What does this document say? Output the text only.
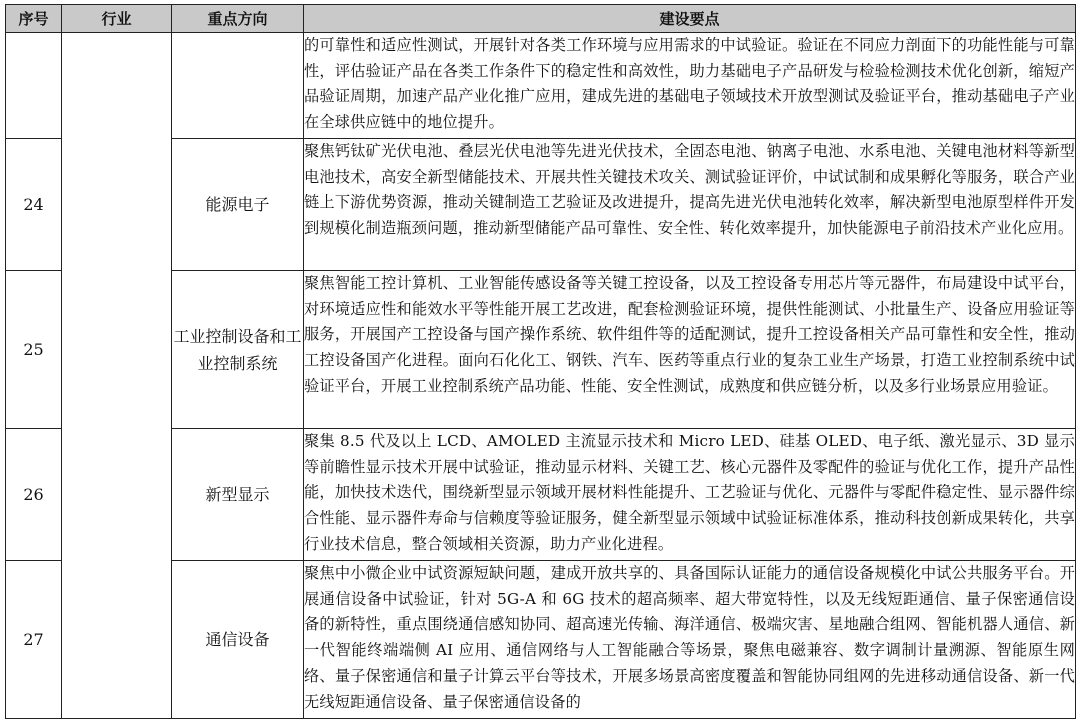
序号	行业	重点方向	建设要点
			的可靠性和适应性测试，开展针对各类工作环境与应用需求的中试验证。验证在不同应力剖面下的功能性能与可靠性，评估验证产品在各类工作条件下的稳定性和高效性，助力基础电子产品研发与检验检测技术优化创新，缩短产品验证周期，加速产品产业化推广应用，建成先进的基础电子领域技术开放型测试及验证平台，推动基础电子产业在全球供应链中的地位提升。
24		能源电子	聚焦钙钛矿光伏电池、叠层光伏电池等先进光伏技术，全固态电池、钠离子电池、水系电池、关键电池材料等新型电池技术，高安全新型储能技术、开展共性关键技术攻关、测试验证评价，中试试制和成果孵化等服务，联合产业链上下游优势资源，推动关键制造工艺验证及改进提升，提高先进光伏电池转化效率，解决新型电池原型样件开发到规模化制造瓶颈问题，推动新型储能产品可靠性、安全性、转化效率提升，加快能源电子前沿技术产业化应用。
25		工业控制设备和工业控制系统	聚焦智能工控计算机、工业智能传感设备等关键工控设备，以及工控设备专用芯片等元器件，布局建设中试平台，对环境适应性和能效水平等性能开展工艺改进，配套检测验证环境，提供性能测试、小批量生产、设备应用验证等服务，开展国产工控设备与国产操作系统、软件组件等的适配测试，提升工控设备相关产品可靠性和安全性，推动工控设备国产化进程。面向石化化工、钢铁、汽车、医药等重点行业的复杂工业生产场景，打造工业控制系统中试验证平台，开展工业控制系统产品功能、性能、安全性测试，成熟度和供应链分析，以及多行业场景应用验证。
26		新型显示	聚集 8.5 代及以上 LCD、AMOLED 主流显示技术和 Micro LED、硅基 OLED、电子纸、激光显示、3D 显示等前瞻性显示技术开展中试验证，推动显示材料、关键工艺、核心元器件及零配件的验证与优化工作，提升产品性能，加快技术迭代，围绕新型显示领域开展材料性能提升、工艺验证与优化、元器件与零配件稳定性、显示器件综合性能、显示器件寿命与信赖度等验证服务，健全新型显示领域中试验证标准体系，推动科技创新成果转化，共享行业技术信息，整合领域相关资源，助力产业化进程。
27		通信设备	聚焦中小微企业中试资源短缺问题，建成开放共享的、具备国际认证能力的通信设备规模化中试公共服务平台。开展通信设备中试验证，针对 5G-A 和 6G 技术的超高频率、超大带宽特性，以及无线短距通信、量子保密通信设备的新特性，重点围绕通信感知协同、超高速光传输、海洋通信、极端灾害、星地融合组网、智能机器人通信、新一代智能终端端侧 AI 应用、通信网络与人工智能融合等场景，聚焦电磁兼容、数字调制计量溯源、智能原生网络、量子保密通信和量子计算云平台等技术，开展多场景高密度覆盖和智能协同组网的先进移动通信设备、新一代无线短距通信设备、量子保密通信设备的
